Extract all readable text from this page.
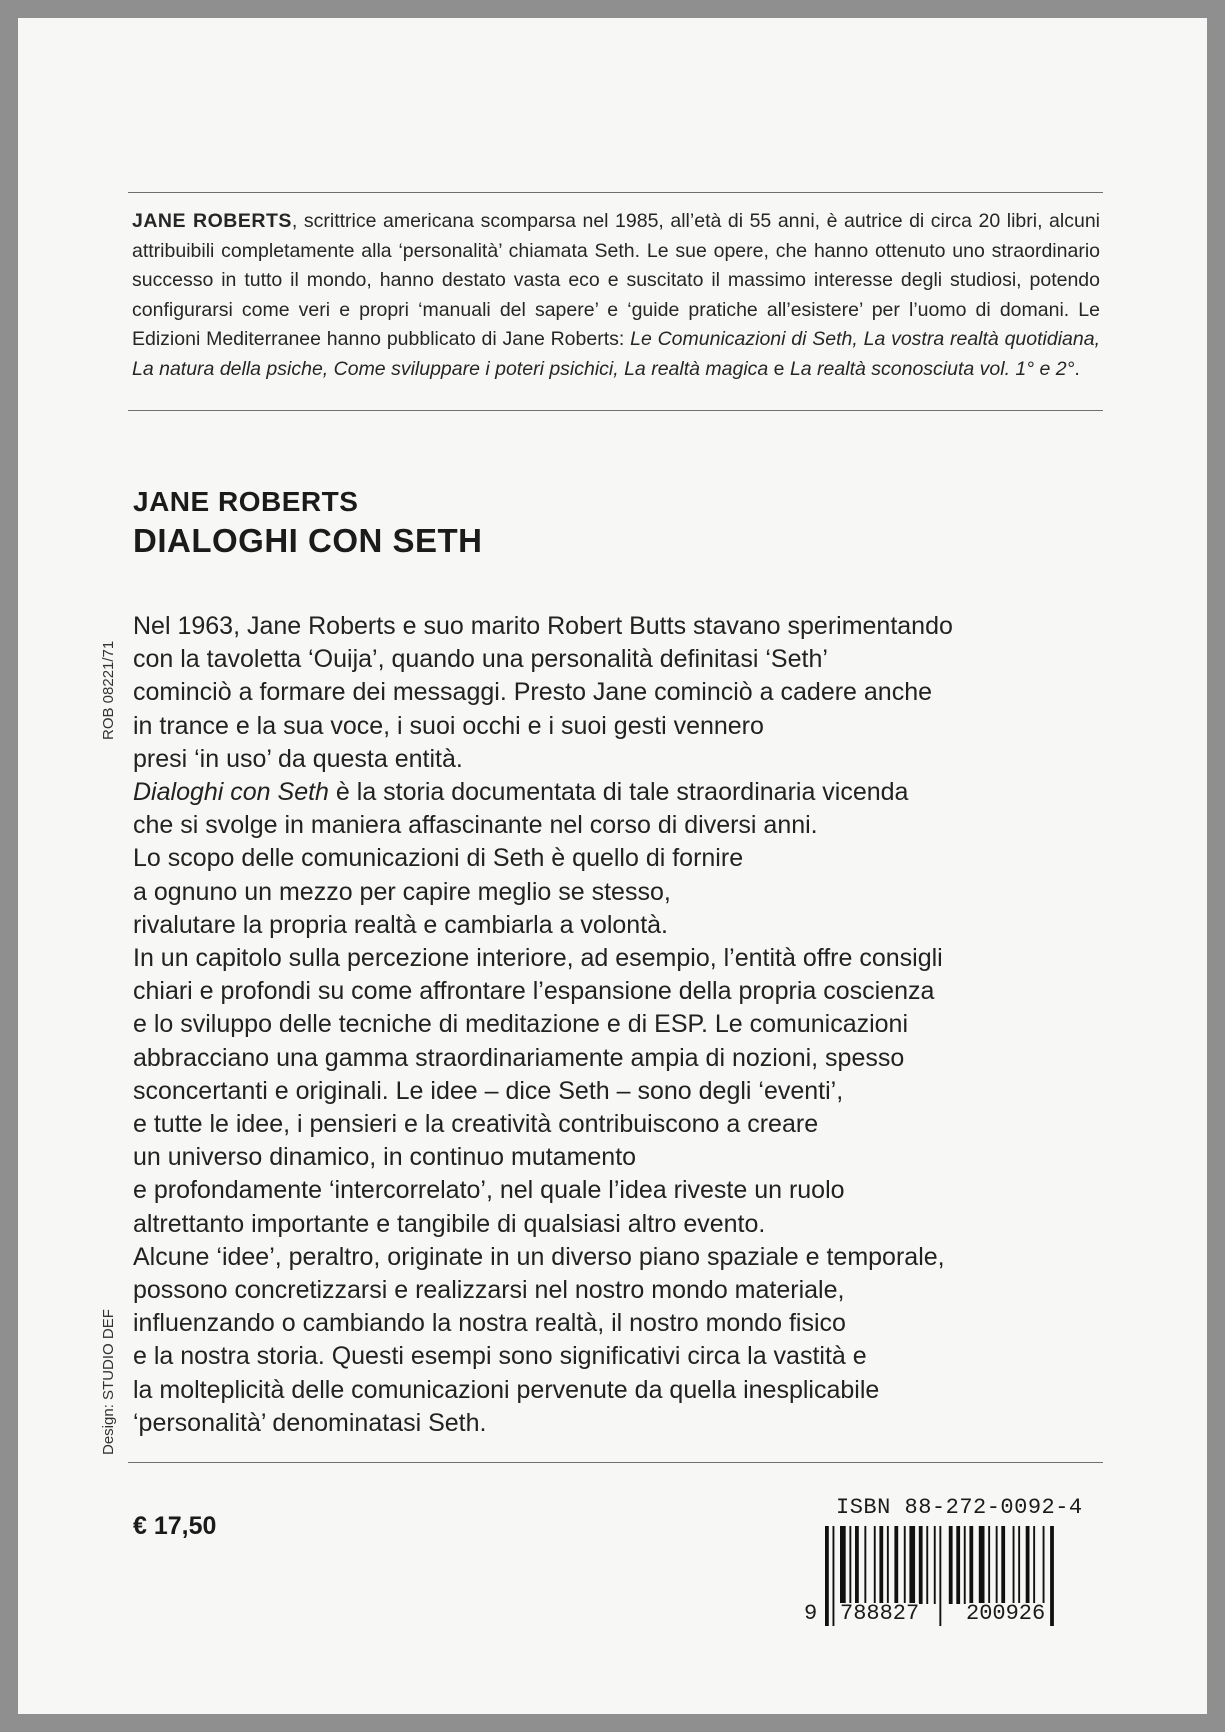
JANE ROBERTS, scrittrice americana scomparsa nel 1985, all’età di 55 anni, è autrice di circa 20 libri, alcuni attribuibili completamente alla ‘personalità’ chiamata Seth. Le sue opere, che hanno ottenuto uno straordinario successo in tutto il mondo, hanno destato vasta eco e suscitato il massimo interesse degli studiosi, potendo configurarsi come veri e propri ‘manuali del sapere’ e ‘guide pratiche all’esistere’ per l’uomo di domani. Le Edizioni Mediterranee hanno pubblicato di Jane Roberts: Le Comunicazioni di Seth, La vostra realtà quotidiana, La natura della psiche, Come sviluppare i poteri psichici, La realtà magica e La realtà sconosciuta vol. 1° e 2°.
JANE ROBERTS
DIALOGHI CON SETH
Nel 1963, Jane Roberts e suo marito Robert Butts stavano sperimentando
con la tavoletta ‘Ouija’, quando una personalità definitasi ‘Seth’
cominciò a formare dei messaggi. Presto Jane cominciò a cadere anche
in trance e la sua voce, i suoi occhi e i suoi gesti vennero
presi ‘in uso’ da questa entità.
Dialoghi con Seth è la storia documentata di tale straordinaria vicenda
che si svolge in maniera affascinante nel corso di diversi anni.
Lo scopo delle comunicazioni di Seth è quello di fornire
a ognuno un mezzo per capire meglio se stesso,
rivalutare la propria realtà e cambiarla a volontà.
In un capitolo sulla percezione interiore, ad esempio, l’entità offre consigli
chiari e profondi su come affrontare l’espansione della propria coscienza
e lo sviluppo delle tecniche di meditazione e di ESP. Le comunicazioni
abbracciano una gamma straordinariamente ampia di nozioni, spesso
sconcertanti e originali. Le idee – dice Seth – sono degli ‘eventi’,
e tutte le idee, i pensieri e la creatività contribuiscono a creare
un universo dinamico, in continuo mutamento
e profondamente ‘intercorrelato’, nel quale l’idea riveste un ruolo
altrettanto importante e tangibile di qualsiasi altro evento.
Alcune ‘idee’, peraltro, originate in un diverso piano spaziale e temporale,
possono concretizzarsi e realizzarsi nel nostro mondo materiale,
influenzando o cambiando la nostra realtà, il nostro mondo fisico
e la nostra storia. Questi esempi sono significativi circa la vastità e
la molteplicità delle comunicazioni pervenute da quella inesplicabile
‘personalità’ denominatasi Seth.
ROB 08221/71
Design: STUDIO DEF
€ 17,50
ISBN 88-272-0092-4
9 788827 200926
